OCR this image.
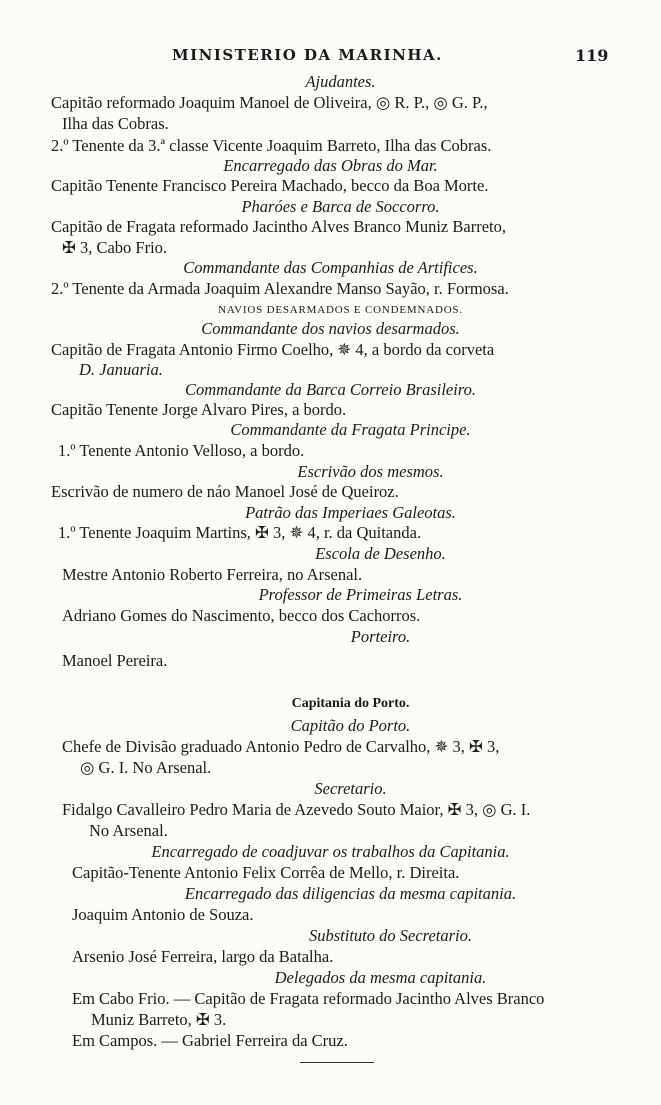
MINISTERIO DA MARINHA.	119
Ajudantes.
Capitão reformado Joaquim Manoel de Oliveira, ◎ R. P., ◎ G. P.,
Ilha das Cobras.
2.º Tenente da 3.ª classe Vicente Joaquim Barreto, Ilha das Cobras.
Encarregado das Obras do Mar.
Capitão Tenente Francisco Pereira Machado, becco da Boa Morte.
Pharóes e Barca de Soccorro.
Capitão de Fragata reformado Jacintho Alves Branco Muniz Barreto,
✠ 3, Cabo Frio.
Commandante das Companhias de Artifices.
2.º Tenente da Armada Joaquim Alexandre Manso Sayão, r. Formosa.
NAVIOS DESARMADOS E CONDEMNADOS.
Commandante dos navios desarmados.
Capitão de Fragata Antonio Firmo Coelho, ✵ 4, a bordo da corveta
D. Januaria.
Commandante da Barca Correio Brasileiro.
Capitão Tenente Jorge Alvaro Pires, a bordo.
Commandante da Fragata Principe.
1.º Tenente Antonio Velloso, a bordo.
Escrivão dos mesmos.
Escrivão de numero de náo Manoel José de Queiroz.
Patrão das Imperiaes Galeotas.
1.º Tenente Joaquim Martins, ✠ 3, ✵ 4, r. da Quitanda.
Escola de Desenho.
Mestre Antonio Roberto Ferreira, no Arsenal.
Professor de Primeiras Letras.
Adriano Gomes do Nascimento, becco dos Cachorros.
Porteiro.
Manoel Pereira.
Capitania do Porto.
Capitão do Porto.
Chefe de Divisão graduado Antonio Pedro de Carvalho, ✵ 3, ✠ 3,
◎ G. I. No Arsenal.
Secretario.
Fidalgo Cavalleiro Pedro Maria de Azevedo Souto Maior, ✠ 3, ◎ G. I.
No Arsenal.
Encarregado de coadjuvar os trabalhos da Capitania.
Capitão-Tenente Antonio Felix Corrêa de Mello, r. Direita.
Encarregado das diligencias da mesma capitania.
Joaquim Antonio de Souza.
Substituto do Secretario.
Arsenio José Ferreira, largo da Batalha.
Delegados da mesma capitania.
Em Cabo Frio. — Capitão de Fragata reformado Jacintho Alves Branco
Muniz Barreto, ✠ 3.
Em Campos. — Gabriel Ferreira da Cruz.
